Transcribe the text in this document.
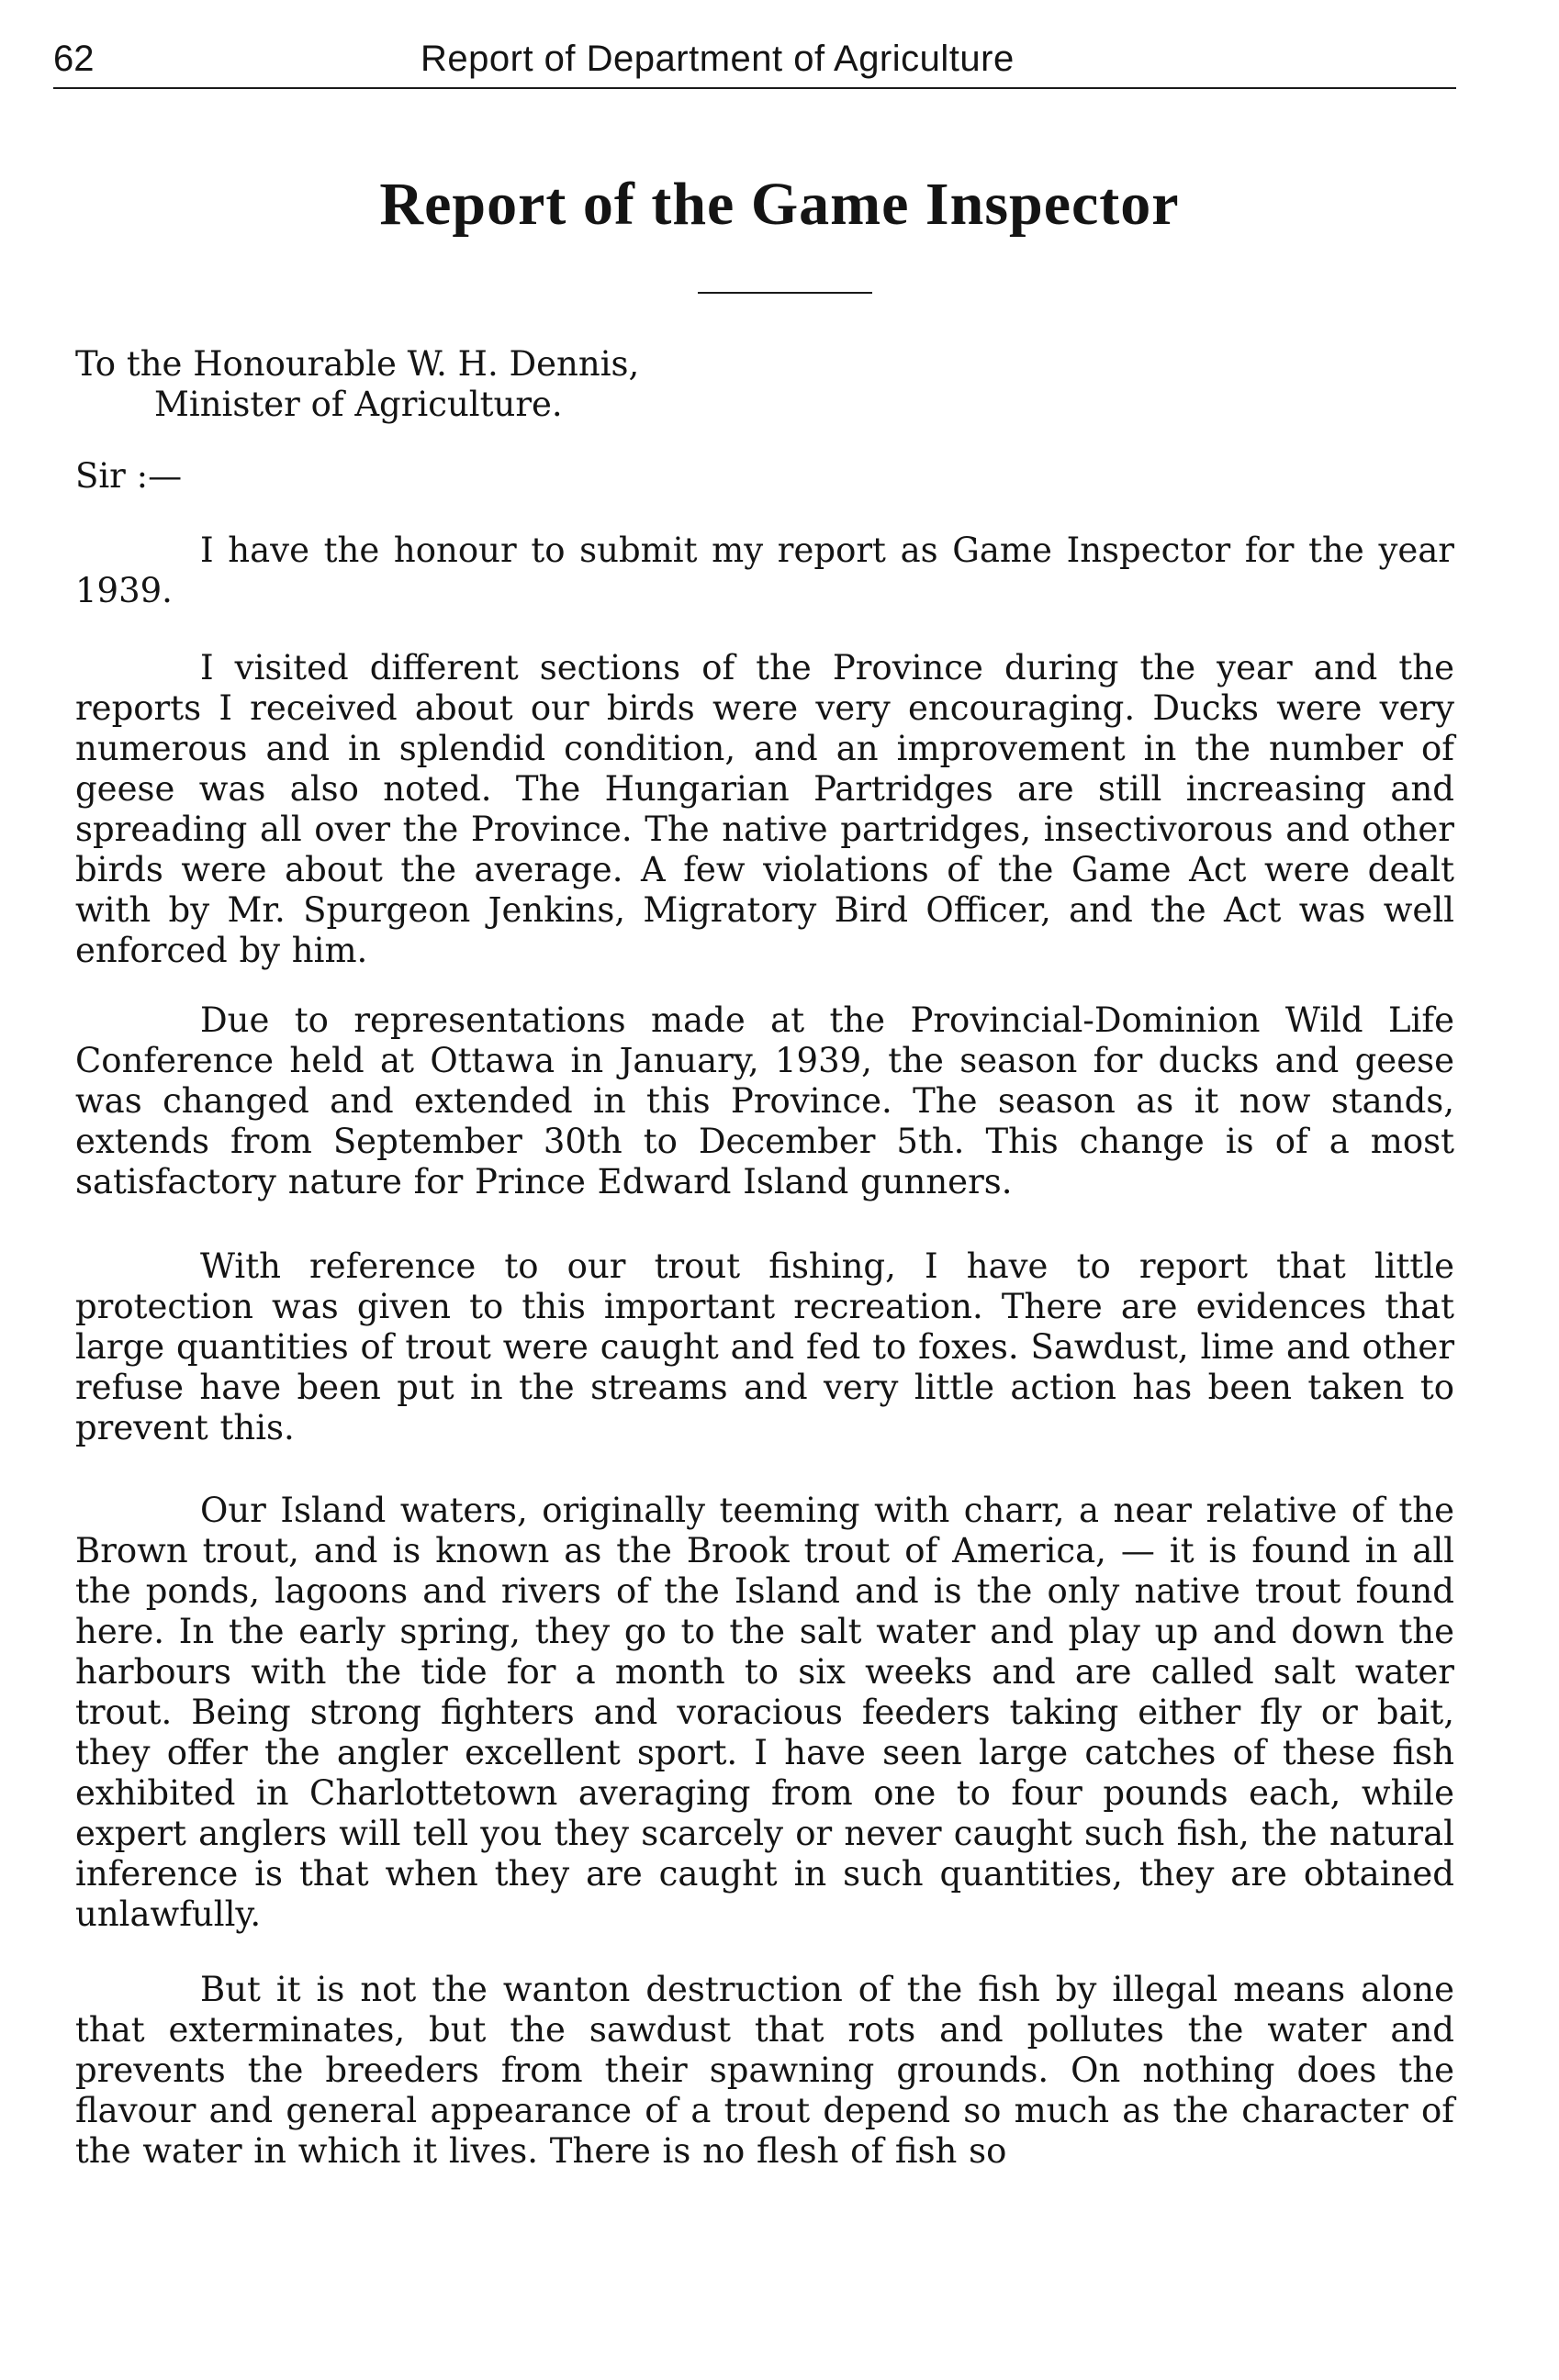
62	Report of Department of Agriculture
Report of the Game Inspector

To the Honourable W. H. Dennis,

Minister of Agriculture.

Sir :—

I have the honour to submit my report as Game Inspector for the year 1939.

I visited different sections of the Province during the year and the reports I received about our birds were very encouraging. Ducks were very numerous and in splendid condition, and an improvement in the number of geese was also noted. The Hungarian Partridges are still increasing and spreading all over the Province. The native partridges, insectivorous and other birds were about the average. A few violations of the Game Act were dealt with by Mr. Spurgeon Jenkins, Migratory Bird Officer, and the Act was well enforced by him.

Due to representations made at the Provincial-Dominion Wild Life Conference held at Ottawa in January, 1939, the season for ducks and geese was changed and extended in this Province. The season as it now stands, extends from September 30th to December 5th. This change is of a most satisfactory nature for Prince Edward Island gunners.

With reference to our trout fishing, I have to report that little protection was given to this important recreation. There are evidences that large quantities of trout were caught and fed to foxes. Sawdust, lime and other refuse have been put in the streams and very little action has been taken to prevent this.

Our Island waters, originally teeming with charr, a near relative of the Brown trout, and is known as the Brook trout of America, — it is found in all the ponds, lagoons and rivers of the Island and is the only native trout found here. In the early spring, they go to the salt water and play up and down the harbours with the tide for a month to six weeks and are called salt water trout. Being strong fighters and voracious feeders taking either fly or bait, they offer the angler excellent sport. I have seen large catches of these fish exhibited in Charlottetown averaging from one to four pounds each, while expert anglers will tell you they scarcely or never caught such fish, the natural inference is that when they are caught in such quantities, they are obtained unlawfully.

But it is not the wanton destruction of the fish by illegal means alone that exterminates, but the sawdust that rots and pollutes the water and prevents the breeders from their spawning grounds. On nothing does the flavour and general appearance of a trout depend so much as the character of the water in which it lives. There is no flesh of fish so
